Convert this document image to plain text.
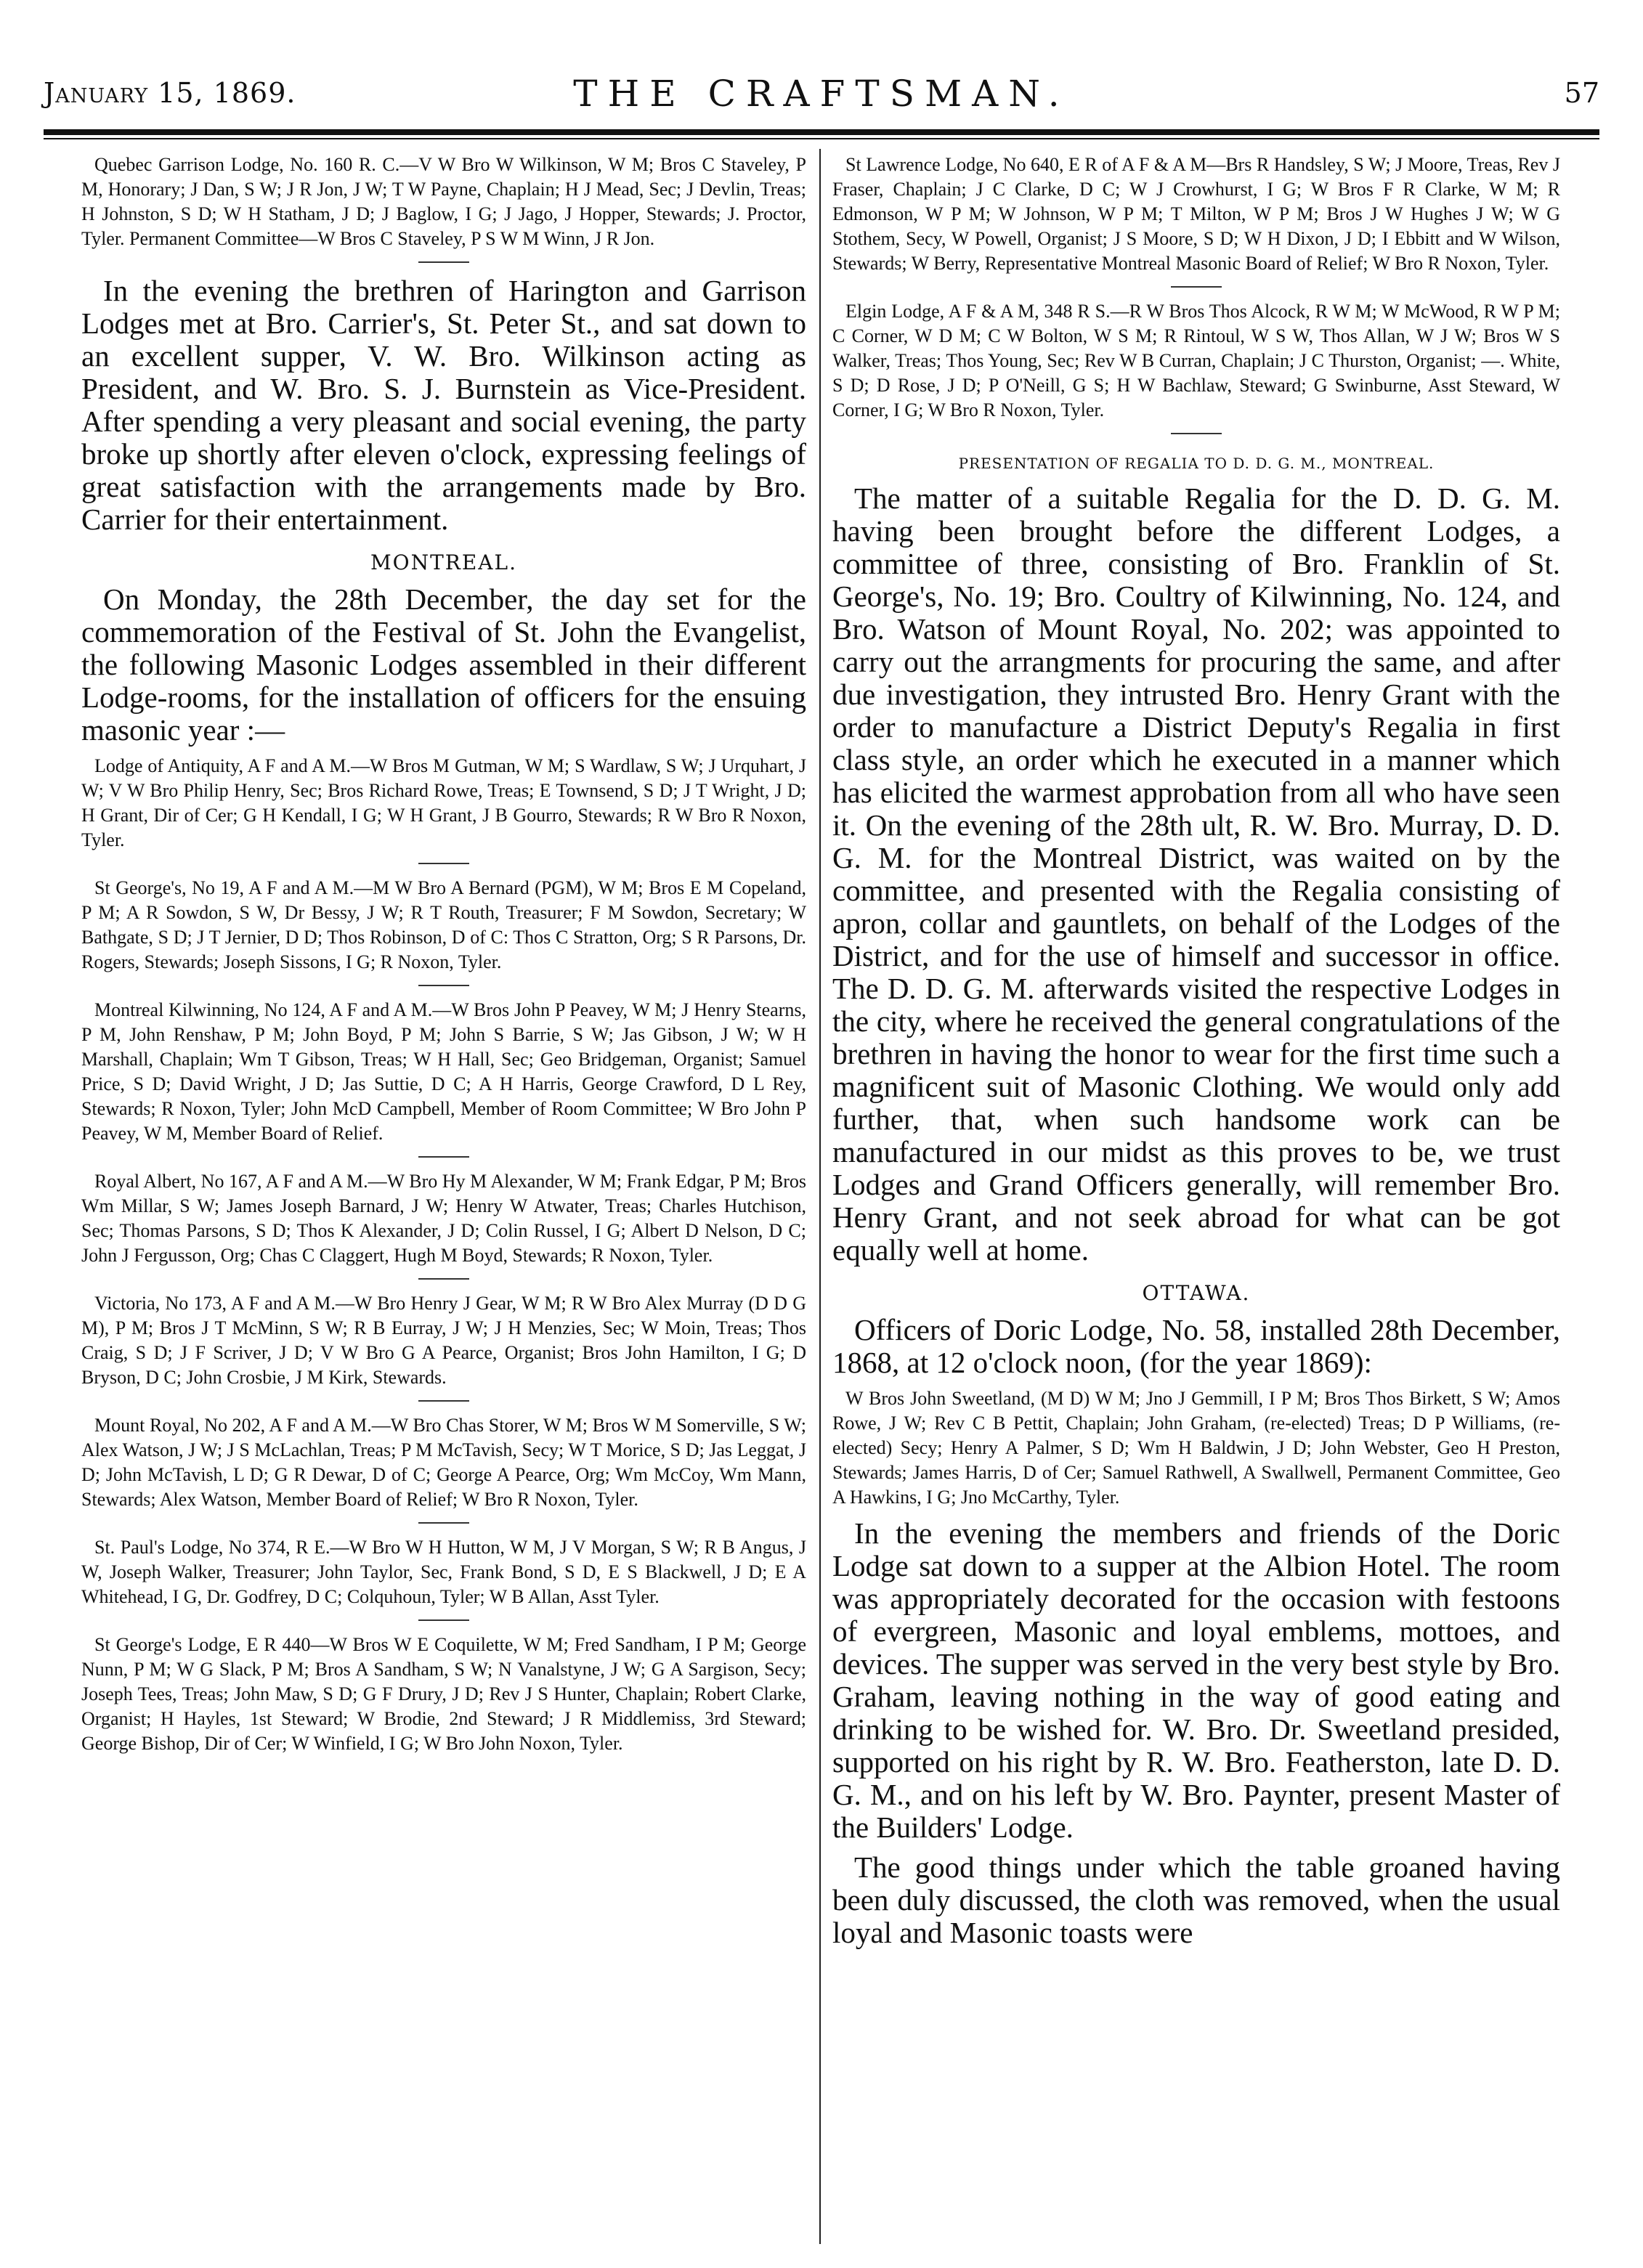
January 15, 1869.	THE CRAFTSMAN.	57

Quebec Garrison Lodge, No. 160 R. C.—V W Bro W Wilkinson, W M; Bros C Staveley, P M, Honorary; J Dan, S W; J R Jon, J W; T W Payne, Chaplain; H J Mead, Sec; J Devlin, Treas; H Johnston, S D; W H Statham, J D; J Baglow, I G; J Jago, J Hopper, Stewards; J. Proctor, Tyler. Permanent Committee—W Bros C Staveley, P S W M Winn, J R Jon.

In the evening the brethren of Harington and Garrison Lodges met at Bro. Carrier's, St. Peter St., and sat down to an excellent supper, V. W. Bro. Wilkinson acting as President, and W. Bro. S. J. Burnstein as Vice-President. After spending a very pleasant and social evening, the party broke up shortly after eleven o'clock, expressing feelings of great satisfaction with the arrangements made by Bro. Carrier for their entertainment.

MONTREAL.

On Monday, the 28th December, the day set for the commemoration of the Festival of St. John the Evangelist, the following Masonic Lodges assembled in their different Lodge-rooms, for the installation of officers for the ensuing masonic year :—

Lodge of Antiquity, A F and A M.—W Bros M Gutman, W M; S Wardlaw, S W; J Urquhart, J W; V W Bro Philip Henry, Sec; Bros Richard Rowe, Treas; E Townsend, S D; J T Wright, J D; H Grant, Dir of Cer; G H Kendall, I G; W H Grant, J B Gourro, Stewards; R W Bro R Noxon, Tyler.

St George's, No 19, A F and A M.—M W Bro A Bernard (PGM), W M; Bros E M Copeland, P M; A R Sowdon, S W, Dr Bessy, J W; R T Routh, Treasurer; F M Sowdon, Secretary; W Bathgate, S D; J T Jernier, D D; Thos Robinson, D of C: Thos C Stratton, Org; S R Parsons, Dr. Rogers, Stewards; Joseph Sissons, I G; R Noxon, Tyler.

Montreal Kilwinning, No 124, A F and A M.—W Bros John P Peavey, W M; J Henry Stearns, P M, John Renshaw, P M; John Boyd, P M; John S Barrie, S W; Jas Gibson, J W; W H Marshall, Chaplain; Wm T Gibson, Treas; W H Hall, Sec; Geo Bridgeman, Organist; Samuel Price, S D; David Wright, J D; Jas Suttie, D C; A H Harris, George Crawford, D L Rey, Stewards; R Noxon, Tyler; John McD Campbell, Member of Room Committee; W Bro John P Peavey, W M, Member Board of Relief.

Royal Albert, No 167, A F and A M.—W Bro Hy M Alexander, W M; Frank Edgar, P M; Bros Wm Millar, S W; James Joseph Barnard, J W; Henry W Atwater, Treas; Charles Hutchison, Sec; Thomas Parsons, S D; Thos K Alexander, J D; Colin Russel, I G; Albert D Nelson, D C; John J Fergusson, Org; Chas C Claggert, Hugh M Boyd, Stewards; R Noxon, Tyler.

Victoria, No 173, A F and A M.—W Bro Henry J Gear, W M; R W Bro Alex Murray (D D G M), P M; Bros J T McMinn, S W; R B Eurray, J W; J H Menzies, Sec; W Moin, Treas; Thos Craig, S D; J F Scriver, J D; V W Bro G A Pearce, Organist; Bros John Hamilton, I G; D Bryson, D C; John Crosbie, J M Kirk, Stewards.

Mount Royal, No 202, A F and A M.—W Bro Chas Storer, W M; Bros W M Somerville, S W; Alex Watson, J W; J S McLachlan, Treas; P M McTavish, Secy; W T Morice, S D; Jas Leggat, J D; John McTavish, L D; G R Dewar, D of C; George A Pearce, Org; Wm McCoy, Wm Mann, Stewards; Alex Watson, Member Board of Relief; W Bro R Noxon, Tyler.

St. Paul's Lodge, No 374, R E.—W Bro W H Hutton, W M, J V Morgan, S W; R B Angus, J W, Joseph Walker, Treasurer; John Taylor, Sec, Frank Bond, S D, E S Blackwell, J D; E A Whitehead, I G, Dr. Godfrey, D C; Colquhoun, Tyler; W B Allan, Asst Tyler.

St George's Lodge, E R 440—W Bros W E Coquilette, W M; Fred Sandham, I P M; George Nunn, P M; W G Slack, P M; Bros A Sandham, S W; N Vanalstyne, J W; G A Sargison, Secy; Joseph Tees, Treas; John Maw, S D; G F Drury, J D; Rev J S Hunter, Chaplain; Robert Clarke, Organist; H Hayles, 1st Steward; W Brodie, 2nd Steward; J R Middlemiss, 3rd Steward; George Bishop, Dir of Cer; W Winfield, I G; W Bro John Noxon, Tyler.

St Lawrence Lodge, No 640, E R of A F & A M—Brs R Handsley, S W; J Moore, Treas, Rev J Fraser, Chaplain; J C Clarke, D C; W J Crowhurst, I G; W Bros F R Clarke, W M; R Edmonson, W P M; W Johnson, W P M; T Milton, W P M; Bros J W Hughes J W; W G Stothem, Secy, W Powell, Organist; J S Moore, S D; W H Dixon, J D; I Ebbitt and W Wilson, Stewards; W Berry, Representative Montreal Masonic Board of Relief; W Bro R Noxon, Tyler.

Elgin Lodge, A F & A M, 348 R S.—R W Bros Thos Alcock, R W M; W McWood, R W P M; C Corner, W D M; C W Bolton, W S M; R Rintoul, W S W, Thos Allan, W J W; Bros W S Walker, Treas; Thos Young, Sec; Rev W B Curran, Chaplain; J C Thurston, Organist; —. White, S D; D Rose, J D; P O'Neill, G S; H W Bachlaw, Steward; G Swinburne, Asst Steward, W Corner, I G; W Bro R Noxon, Tyler.

PRESENTATION OF REGALIA TO D. D. G. M., MONTREAL.

The matter of a suitable Regalia for the D. D. G. M. having been brought before the different Lodges, a committee of three, consisting of Bro. Franklin of St. George's, No. 19; Bro. Coultry of Kilwinning, No. 124, and Bro. Watson of Mount Royal, No. 202; was appointed to carry out the arrangments for procuring the same, and after due investigation, they intrusted Bro. Henry Grant with the order to manufacture a District Deputy's Regalia in first class style, an order which he executed in a manner which has elicited the warmest approbation from all who have seen it. On the evening of the 28th ult, R. W. Bro. Murray, D. D. G. M. for the Montreal District, was waited on by the committee, and presented with the Regalia consisting of apron, collar and gauntlets, on behalf of the Lodges of the District, and for the use of himself and successor in office. The D. D. G. M. afterwards visited the respective Lodges in the city, where he received the general congratulations of the brethren in having the honor to wear for the first time such a magnificent suit of Masonic Clothing. We would only add further, that, when such handsome work can be manufactured in our midst as this proves to be, we trust Lodges and Grand Officers generally, will remember Bro. Henry Grant, and not seek abroad for what can be got equally well at home.

OTTAWA.

Officers of Doric Lodge, No. 58, installed 28th December, 1868, at 12 o'clock noon, (for the year 1869):

W Bros John Sweetland, (M D) W M; Jno J Gemmill, I P M; Bros Thos Birkett, S W; Amos Rowe, J W; Rev C B Pettit, Chaplain; John Graham, (re-elected) Treas; D P Williams, (re-elected) Secy; Henry A Palmer, S D; Wm H Baldwin, J D; John Webster, Geo H Preston, Stewards; James Harris, D of Cer; Samuel Rathwell, A Swallwell, Permanent Committee, Geo A Hawkins, I G; Jno McCarthy, Tyler.

In the evening the members and friends of the Doric Lodge sat down to a supper at the Albion Hotel. The room was appropriately decorated for the occasion with festoons of evergreen, Masonic and loyal emblems, mottoes, and devices. The supper was served in the very best style by Bro. Graham, leaving nothing in the way of good eating and drinking to be wished for. W. Bro. Dr. Sweetland presided, supported on his right by R. W. Bro. Featherston, late D. D. G. M., and on his left by W. Bro. Paynter, present Master of the Builders' Lodge.

The good things under which the table groaned having been duly discussed, the cloth was removed, when the usual loyal and Masonic toasts were
